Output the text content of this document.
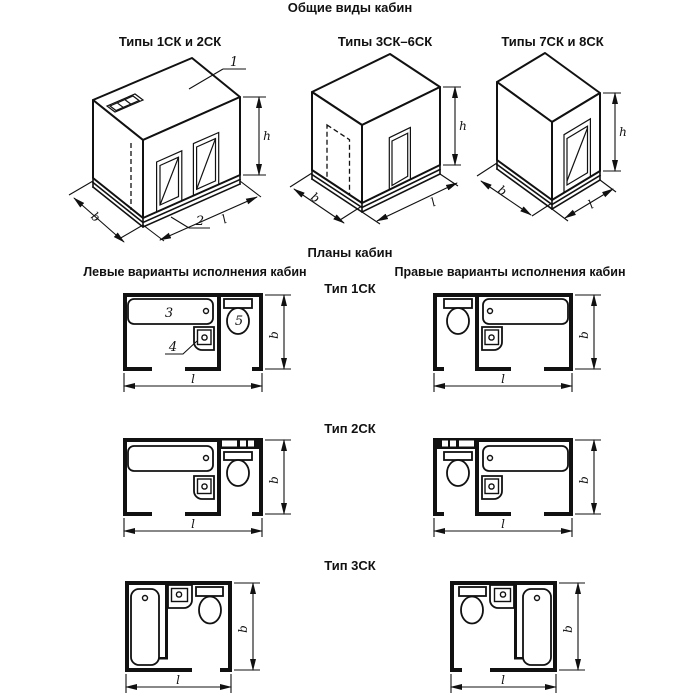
Общие виды кабин
Типы 1СК и 2СК	Типы 3СК–6СК	Типы 7СК и 8СК
Планы кабин
Левые варианты исполнения кабин	Правые варианты исполнения кабин
Тип 1СК
Тип 2СК
Тип 3СК
1
2
h
b	l
h
b	l
h
b
l
3
5
4
b
l
b
l
b
l
b
l
b
l
b
l
